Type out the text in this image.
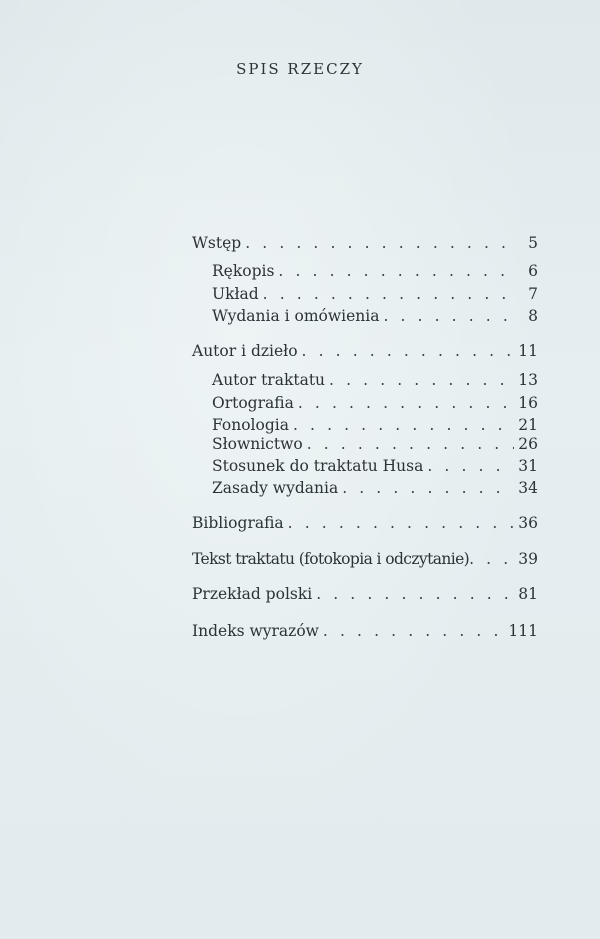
SPIS RZECZY
Wstęp . . .	5
Rękopis . . .	6
Układ . . .	7
Wydania i omówienia . . .	8
Autor i dzieło . . .	11
Autor traktatu . . .	13
Ortografia . . .	16
Fonologia . . .	21
Słownictwo . . .	26
Stosunek do traktatu Husa . . .	31
Zasady wydania . . .	34
Bibliografia . . .	36
Tekst traktatu (fotokopia i odczytanie) . . .	39
Przekład polski . . .	81
Indeks wyrazów . . .	111
